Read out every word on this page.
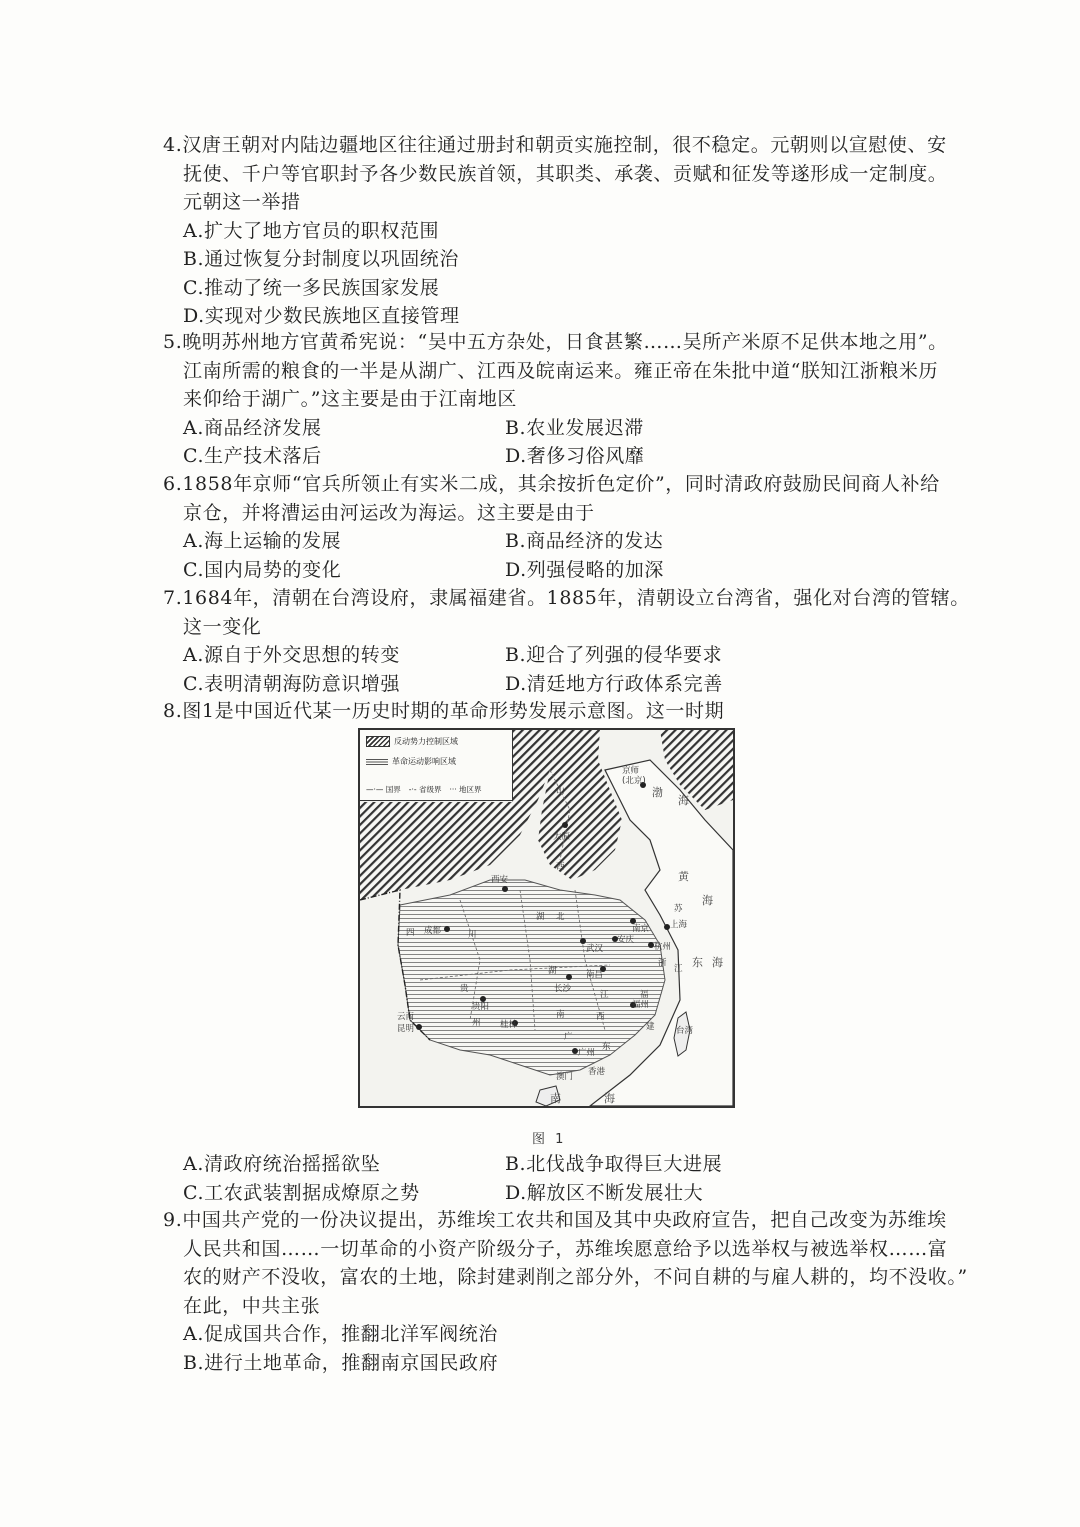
4.汉唐王朝对内陆边疆地区往往通过册封和朝贡实施控制，很不稳定。元朝则以宣慰使、安
抚使、千户等官职封予各少数民族首领，其职类、承袭、贡赋和征发等遂形成一定制度。
元朝这一举措
A.扩大了地方官员的职权范围
B.通过恢复分封制度以巩固统治
C.推动了统一多民族国家发展
D.实现对少数民族地区直接管理
5.晚明苏州地方官黄希宪说：“吴中五方杂处，日食甚繁……吴所产米原不足供本地之用”。
江南所需的粮食的一半是从湖广、江西及皖南运来。雍正帝在朱批中道“朕知江浙粮米历
来仰给于湖广。”这主要是由于江南地区
A.商品经济发展	B.农业发展迟滞
C.生产技术落后	D.奢侈习俗风靡
6.1858年京师“官兵所领止有实米二成，其余按折色定价”，同时清政府鼓励民间商人补给
京仓，并将漕运由河运改为海运。这主要是由于
A.海上运输的发展	B.商品经济的发达
C.国内局势的变化	D.列强侵略的加深
7.1684年，清朝在台湾设府，隶属福建省。1885年，清朝设立台湾省，强化对台湾的管辖。
这一变化
A.源自于外交思想的转变	B.迎合了列强的侵华要求
C.表明清朝海防意识增强	D.清廷地方行政体系完善
8.图1是中国近代某一历史时期的革命形势发展示意图。这一时期
反动势力控制区域
革命运动影响区域
—·— 国界 -·- 省级界 ··· 地区界
京师
(北京)
太原
西安
成都	南京 上海
安庆
杭州
武汉
南昌
长沙
福州
贵阳
桂林
云南
昆明
广州
香港
澳门
山
西
湖 北
四	川
贵
州
湖
南
江
西
福
建
广
东
浙
江
苏
渤
海
黄
海
东 海
南	海
台湾
图 1
A.清政府统治摇摇欲坠	B.北伐战争取得巨大进展
C.工农武装割据成燎原之势	D.解放区不断发展壮大
9.中国共产党的一份决议提出，苏维埃工农共和国及其中央政府宣告，把自己改变为苏维埃
人民共和国……一切革命的小资产阶级分子，苏维埃愿意给予以选举权与被选举权……富
农的财产不没收，富农的土地，除封建剥削之部分外，不问自耕的与雇人耕的，均不没收。”
在此，中共主张
A.促成国共合作，推翻北洋军阀统治
B.进行土地革命，推翻南京国民政府
